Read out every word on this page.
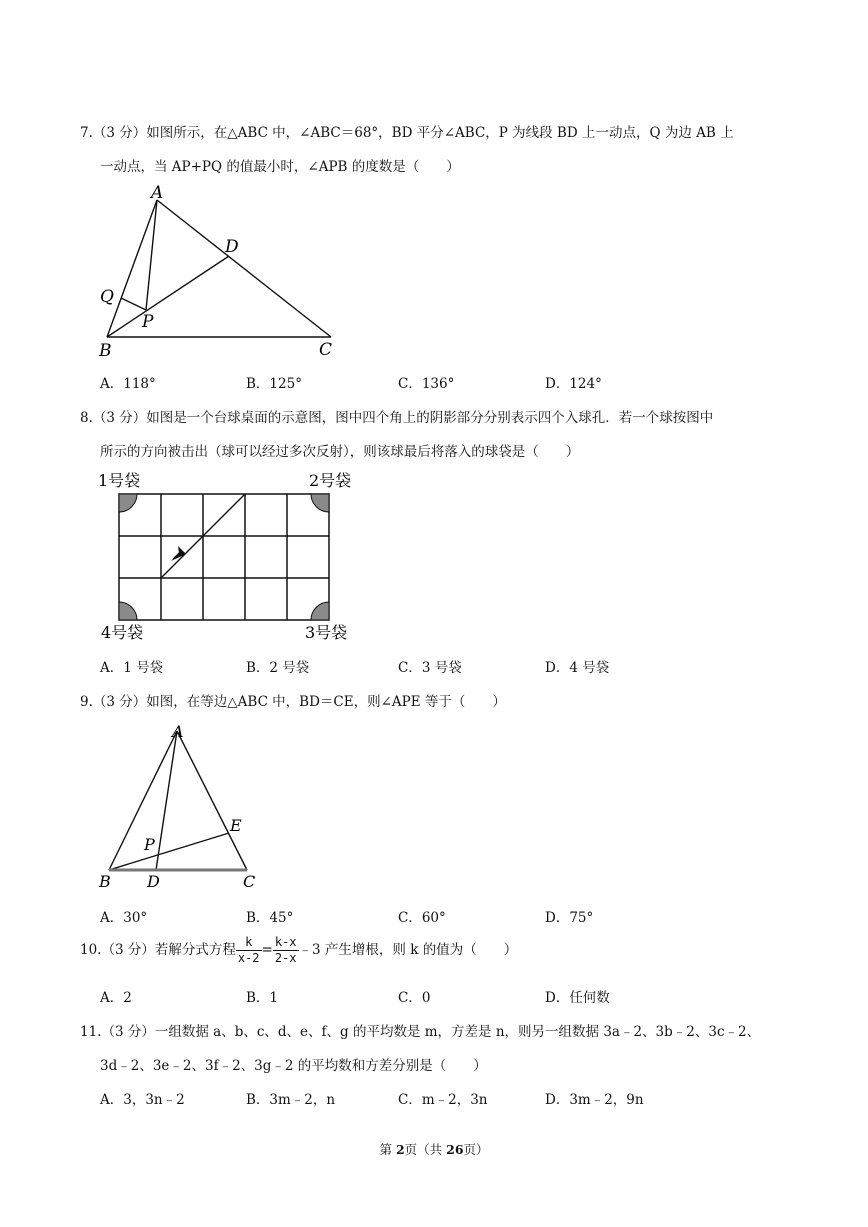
7.（3 分）如图所示，在△ABC 中，∠ABC＝68°，BD 平分∠ABC，P 为线段 BD 上一动点，Q 为边 AB 上
一动点，当 AP+PQ 的值最小时，∠APB 的度数是（　　）
A
D
Q
P
B	C
A．118°	B．125°	C．136°	D．124°
8.（3 分）如图是一个台球桌面的示意图，图中四个角上的阴影部分分别表示四个入球孔．若一个球按图中
所示的方向被击出（球可以经过多次反射），则该球最后将落入的球袋是（　　）
1号袋	2号袋
4号袋	3号袋
A．1 号袋	B．2 号袋	C．3 号袋	D．4 号袋
9.（3 分）如图，在等边△ABC 中，BD＝CE，则∠APE 等于（　　）
A
E
P
B D	C
A．30°	B．45°	C．60°	D．75°
10.（3 分）若解分式方程 $\frac{k}{x-2} = \frac{k-x}{2-x}$ ﹣3 产生增根，则 k 的值为（　　）
A．2	B．1	C．0	D．任何数
11.（3 分）一组数据 a、b、c、d、e、f、g 的平均数是 m，方差是 n，则另一组数据 3a﹣2、3b﹣2、3c﹣2、
3d﹣2、3e﹣2、3f﹣2、3g﹣2 的平均数和方差分别是（　　）
A．3，3n﹣2	B．3m﹣2，n	C．m﹣2，3n	D．3m﹣2，9n
第 2页（共 26页）
